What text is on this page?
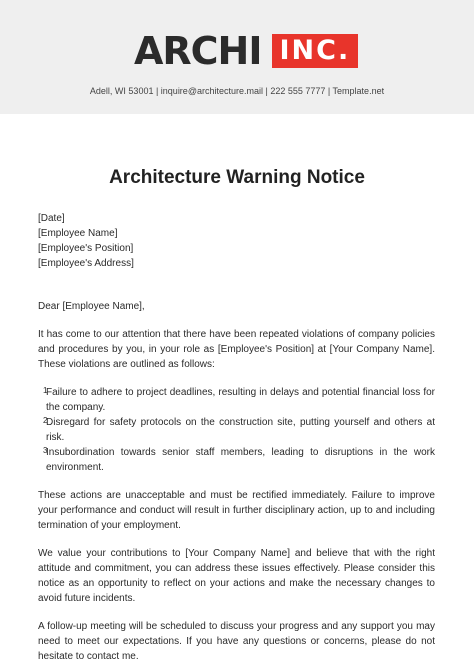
ARCHI INC.
Adell, WI 53001 | inquire@architecture.mail | 222 555 7777 | Template.net
Architecture Warning Notice
[Date]
[Employee Name]
[Employee's Position]
[Employee's Address]

Dear [Employee Name],

It has come to our attention that there have been repeated violations of company policies and procedures by you, in your role as [Employee's Position] at [Your Company Name]. These violations are outlined as follows:

1
Failure to adhere to project deadlines, resulting in delays and potential financial loss for the company.
2
Disregard for safety protocols on the construction site, putting yourself and others at risk.
3
Insubordination towards senior staff members, leading to disruptions in the work environment.

These actions are unacceptable and must be rectified immediately. Failure to improve your performance and conduct will result in further disciplinary action, up to and including termination of your employment.

We value your contributions to [Your Company Name] and believe that with the right attitude and commitment, you can address these issues effectively. Please consider this notice as an opportunity to reflect on your actions and make the necessary changes to avoid future incidents.

A follow-up meeting will be scheduled to discuss your progress and any support you may need to meet our expectations. If you have any questions or concerns, please do not hesitate to contact me.
